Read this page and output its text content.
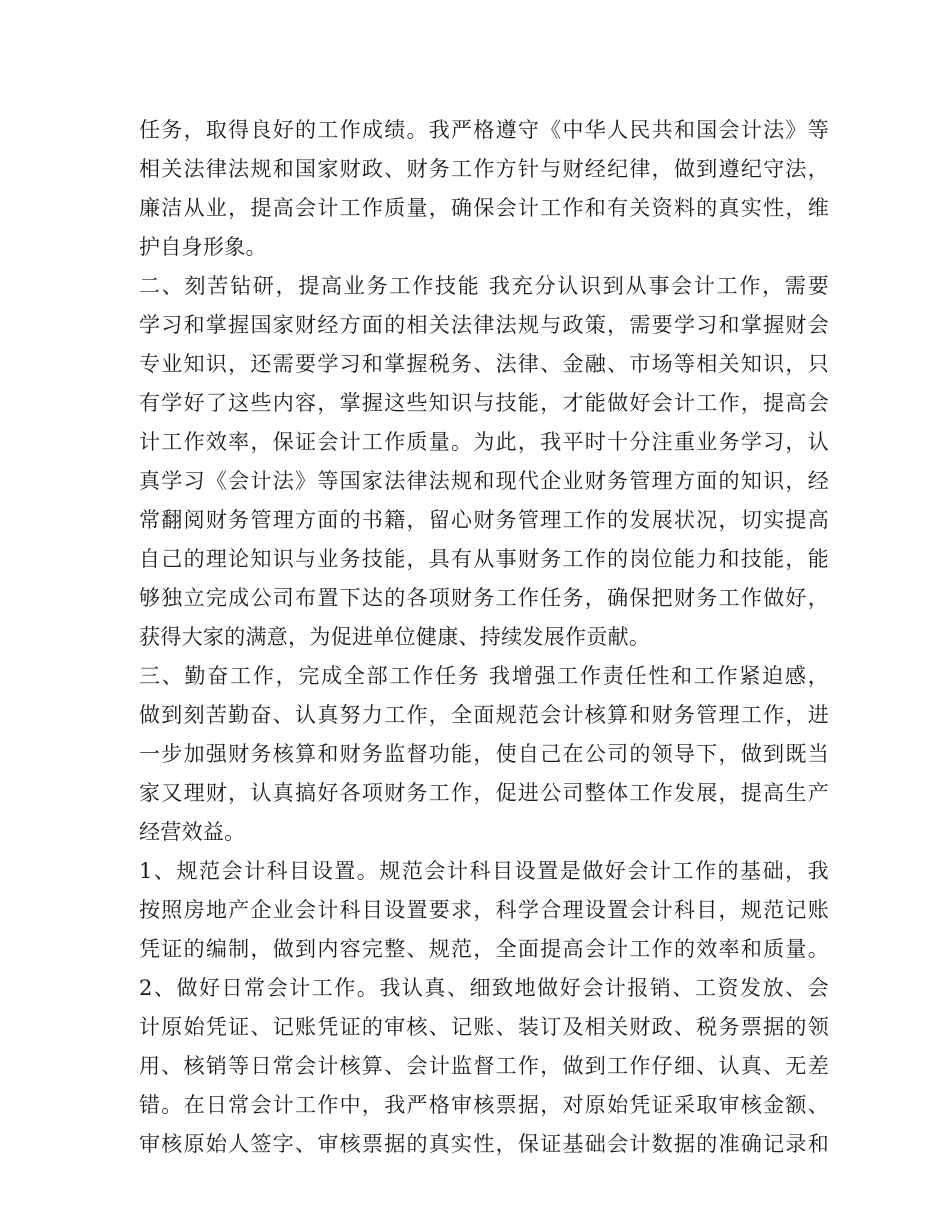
任务，取得良好的工作成绩。我严格遵守《中华人民共和国会计法》等
相关法律法规和国家财政、财务工作方针与财经纪律，做到遵纪守法，
廉洁从业，提高会计工作质量，确保会计工作和有关资料的真实性，维
护自身形象。
二、刻苦钻研，提高业务工作技能 我充分认识到从事会计工作，需要
学习和掌握国家财经方面的相关法律法规与政策，需要学习和掌握财会
专业知识，还需要学习和掌握税务、法律、金融、市场等相关知识，只
有学好了这些内容，掌握这些知识与技能，才能做好会计工作，提高会
计工作效率，保证会计工作质量。为此，我平时十分注重业务学习，认
真学习《会计法》等国家法律法规和现代企业财务管理方面的知识，经
常翻阅财务管理方面的书籍，留心财务管理工作的发展状况，切实提高
自己的理论知识与业务技能，具有从事财务工作的岗位能力和技能，能
够独立完成公司布置下达的各项财务工作任务，确保把财务工作做好，
获得大家的满意，为促进单位健康、持续发展作贡献。
三、勤奋工作，完成全部工作任务 我增强工作责任性和工作紧迫感，
做到刻苦勤奋、认真努力工作，全面规范会计核算和财务管理工作，进
一步加强财务核算和财务监督功能，使自己在公司的领导下，做到既当
家又理财，认真搞好各项财务工作，促进公司整体工作发展，提高生产
经营效益。
1、规范会计科目设置。规范会计科目设置是做好会计工作的基础，我
按照房地产企业会计科目设置要求，科学合理设置会计科目，规范记账
凭证的编制，做到内容完整、规范，全面提高会计工作的效率和质量。
2、做好日常会计工作。我认真、细致地做好会计报销、工资发放、会
计原始凭证、记账凭证的审核、记账、装订及相关财政、税务票据的领
用、核销等日常会计核算、会计监督工作，做到工作仔细、认真、无差
错。在日常会计工作中，我严格审核票据，对原始凭证采取审核金额、
审核原始人签字、审核票据的真实性，保证基础会计数据的准确记录和
